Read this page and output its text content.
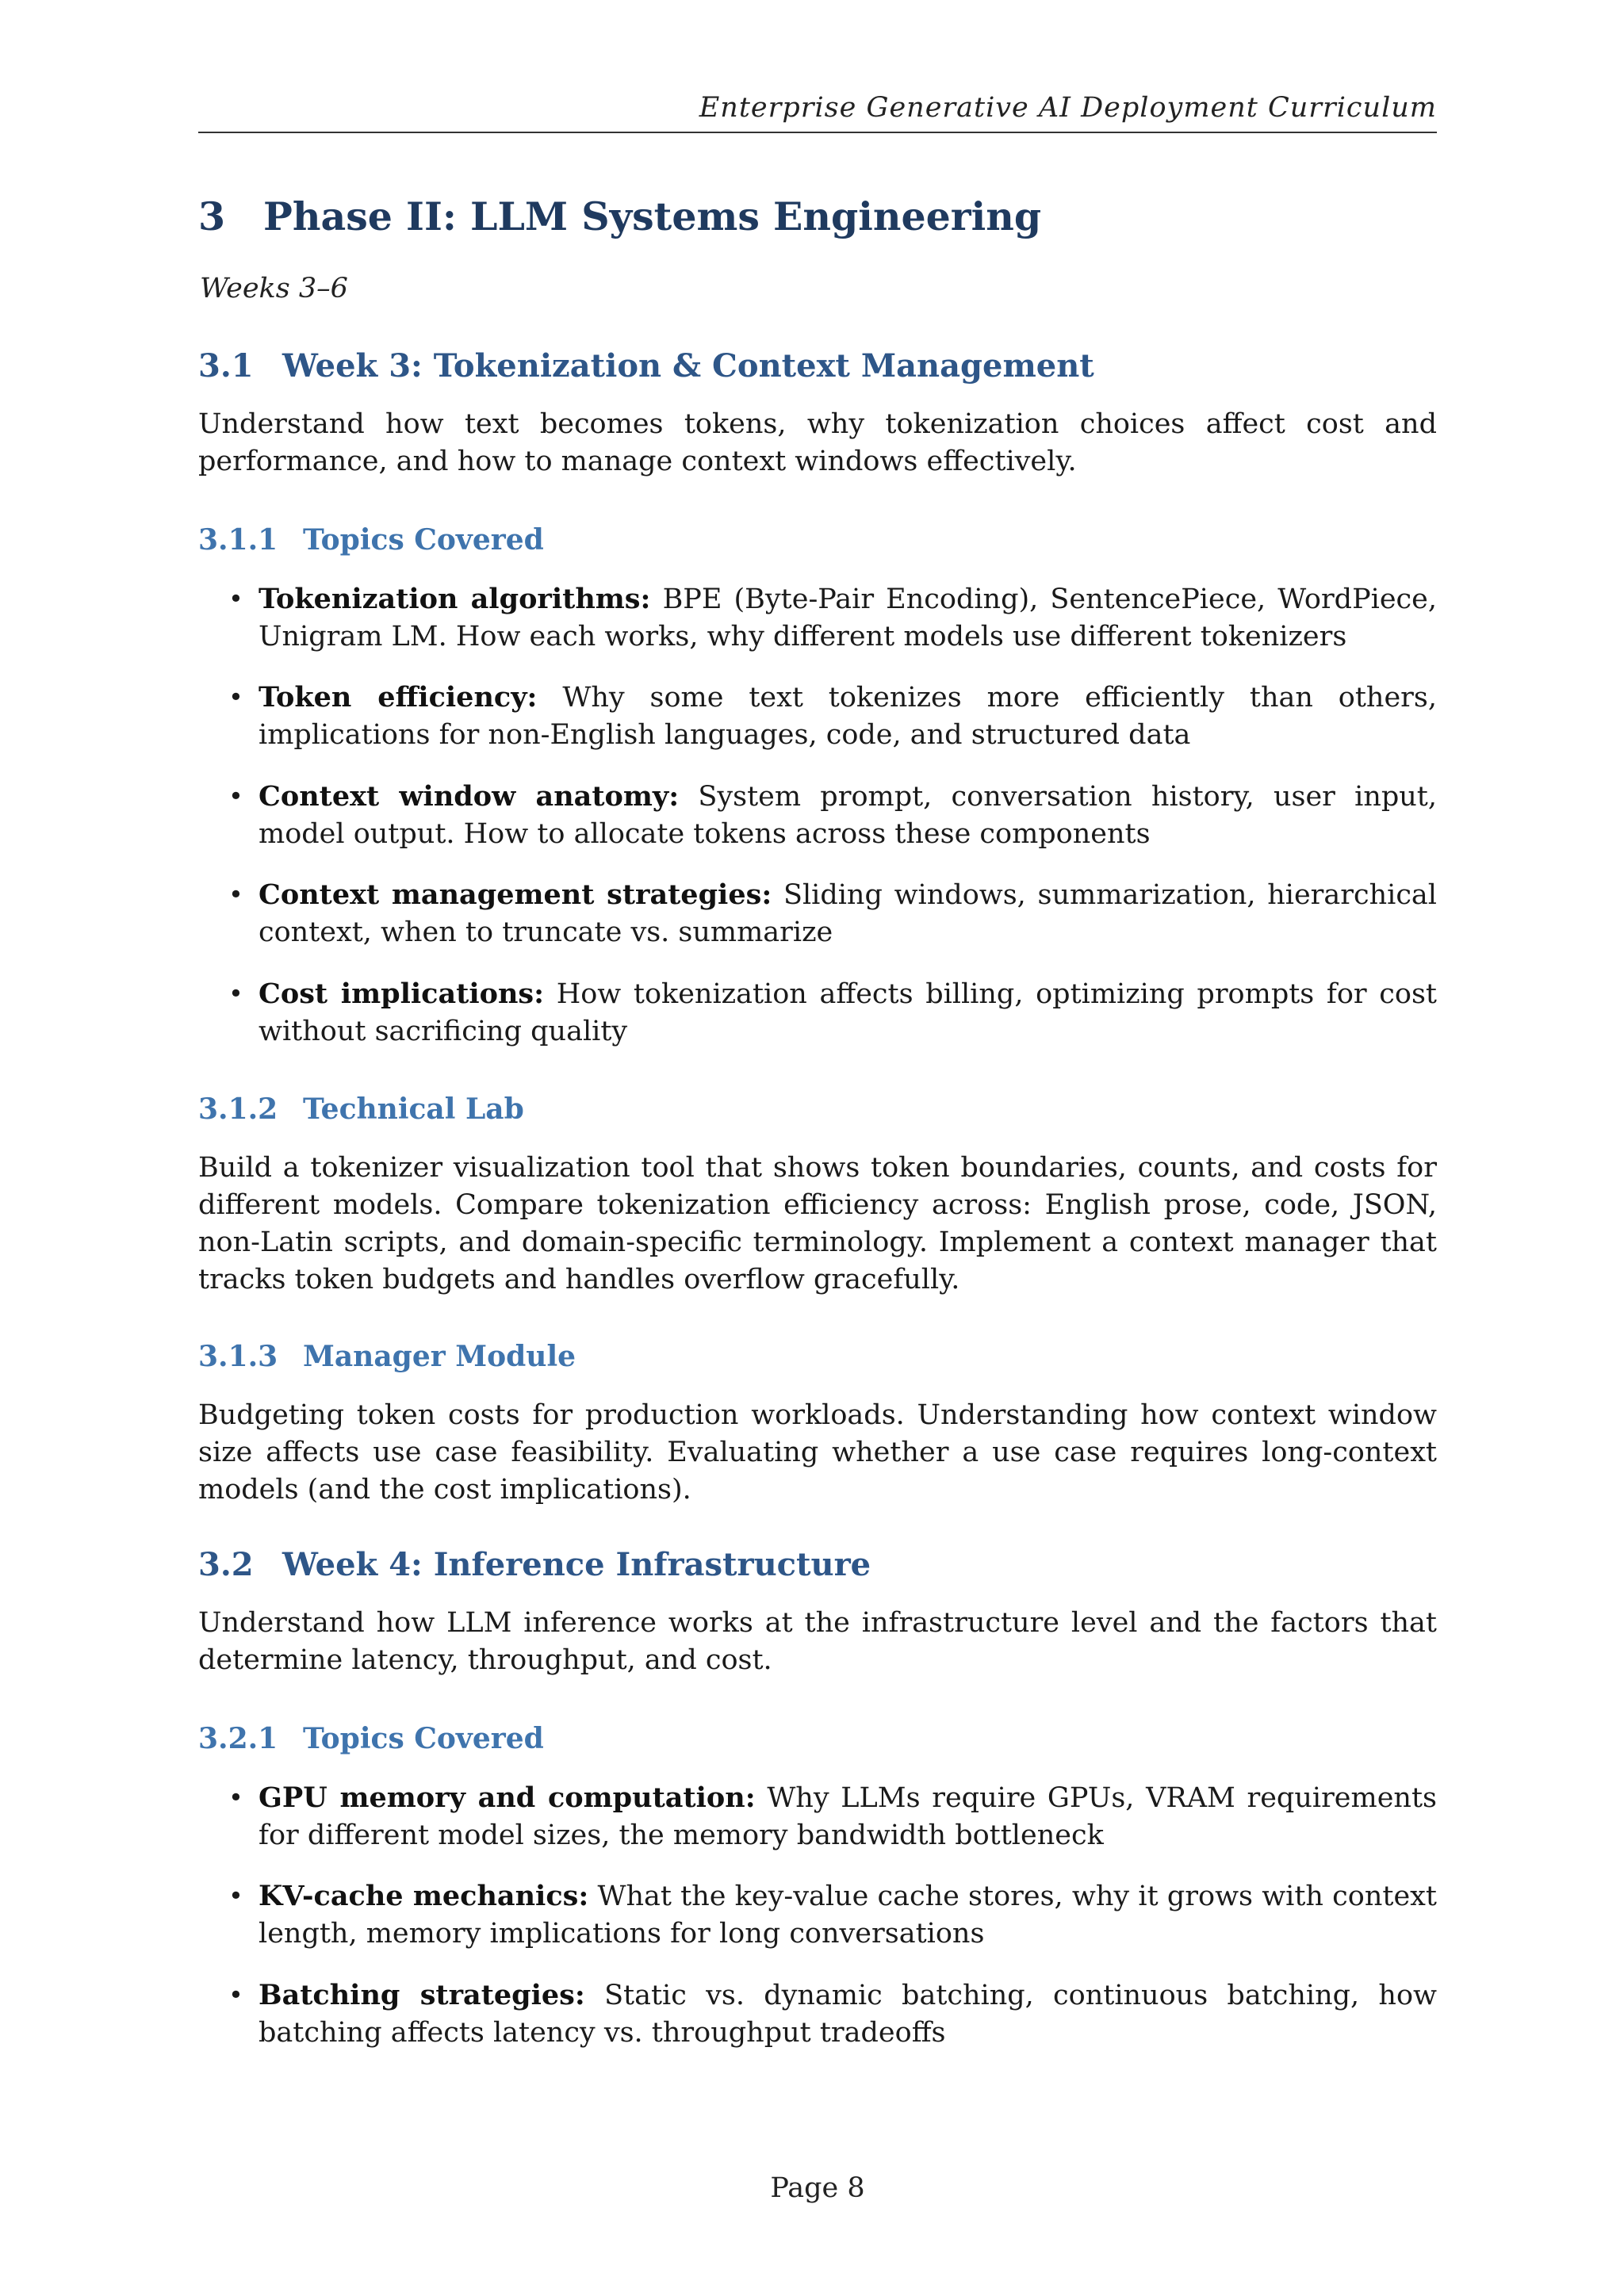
Enterprise Generative AI Deployment Curriculum
3 Phase II: LLM Systems Engineering
Weeks 3–6
3.1 Week 3: Tokenization & Context Management

Understand how text becomes tokens, why tokenization choices affect cost and performance, and how to manage context windows effectively.

3.1.1 Topics Covered

• Tokenization algorithms: BPE (Byte-Pair Encoding), SentencePiece, WordPiece, Unigram LM. How each works, why different models use different tokenizers

• Token efficiency: Why some text tokenizes more efficiently than others, implications for non-English languages, code, and structured data

• Context window anatomy: System prompt, conversation history, user input, model output. How to allocate tokens across these components

• Context management strategies: Sliding windows, summarization, hierarchical context, when to truncate vs. summarize

• Cost implications: How tokenization affects billing, optimizing prompts for cost without sacrificing quality

3.1.2 Technical Lab

Build a tokenizer visualization tool that shows token boundaries, counts, and costs for different models. Compare tokenization efficiency across: English prose, code, JSON, non-Latin scripts, and domain-specific terminology. Implement a context manager that tracks token budgets and handles overflow gracefully.

3.1.3 Manager Module

Budgeting token costs for production workloads. Understanding how context window size affects use case feasibility. Evaluating whether a use case requires long-context models (and the cost implications).

3.2 Week 4: Inference Infrastructure

Understand how LLM inference works at the infrastructure level and the factors that determine latency, throughput, and cost.

3.2.1 Topics Covered

• GPU memory and computation: Why LLMs require GPUs, VRAM requirements for different model sizes, the memory bandwidth bottleneck

• KV-cache mechanics: What the key-value cache stores, why it grows with context length, memory implications for long conversations

• Batching strategies: Static vs. dynamic batching, continuous batching, how batching affects latency vs. throughput tradeoffs

Page 8
